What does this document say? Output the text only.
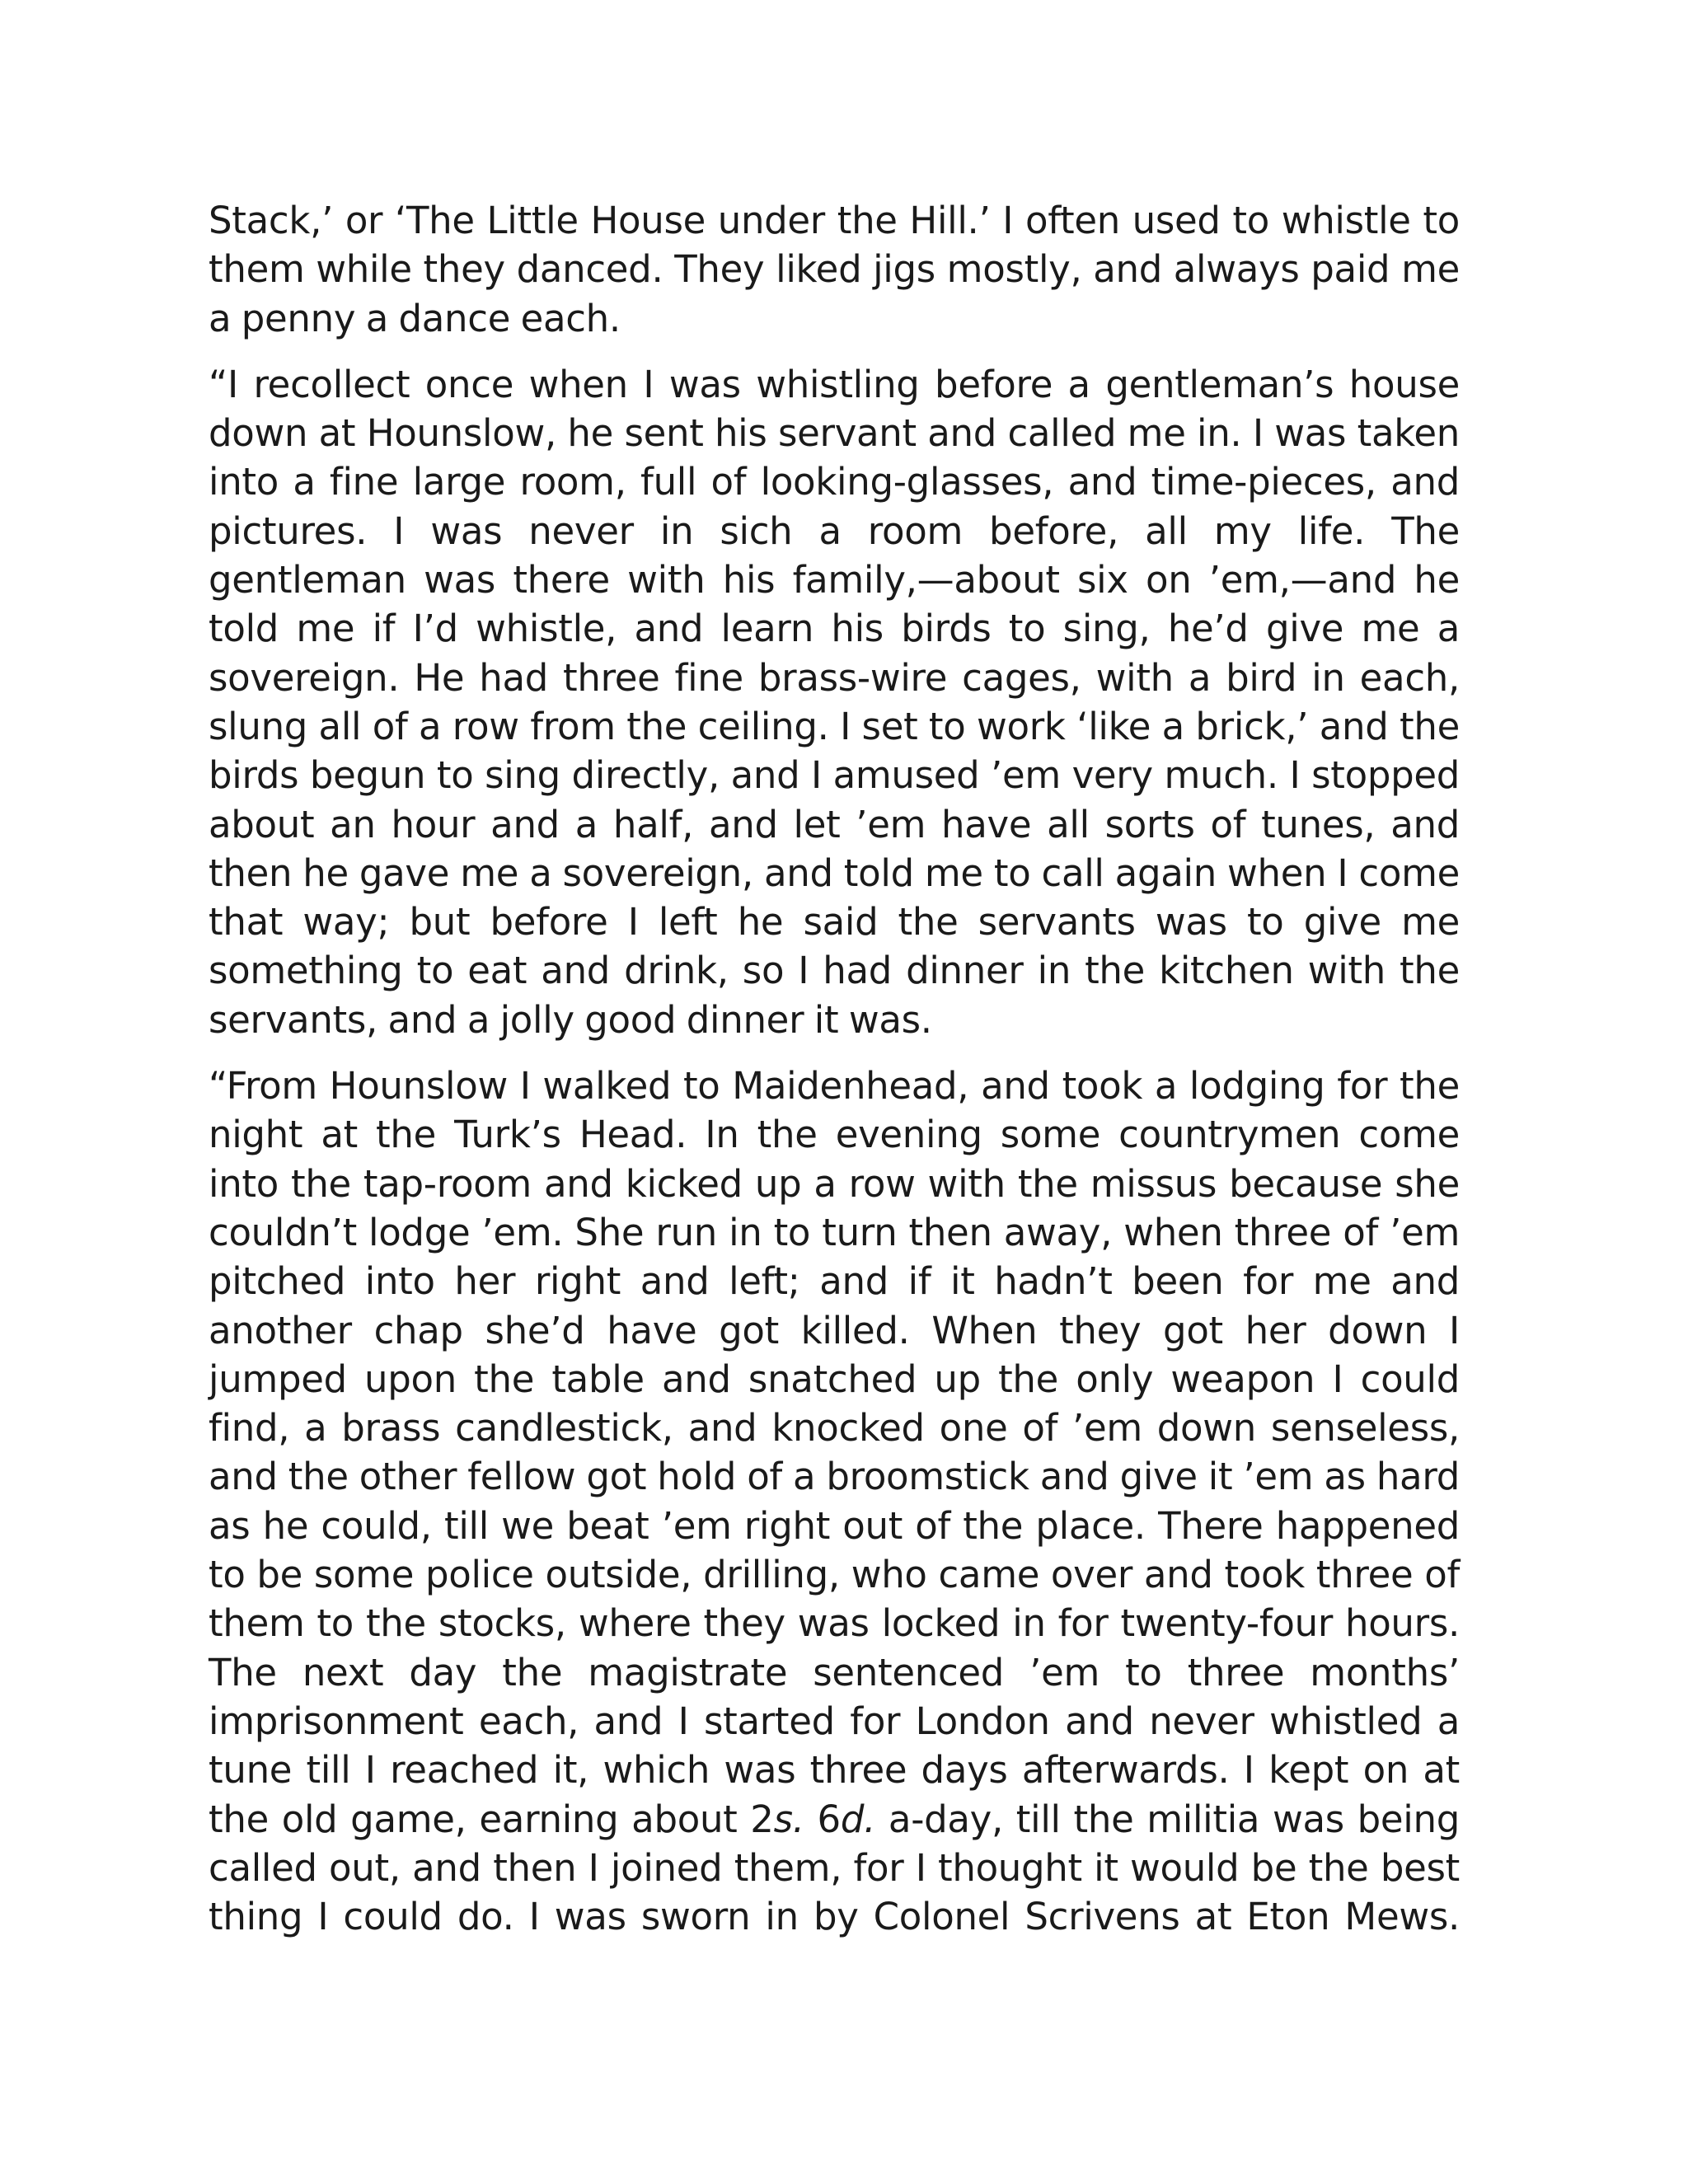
Stack,’ or ‘The Little House under the Hill.’ I often used to whistle to them while they danced. They liked jigs mostly, and always paid me a penny a dance each.

“I recollect once when I was whistling before a gentleman’s house down at Hounslow, he sent his servant and called me in. I was taken into a fine large room, full of looking-glasses, and time-pieces, and pictures. I was never in sich a room before, all my life. The gentleman was there with his family,—about six on ’em,—and he told me if I’d whistle, and learn his birds to sing, he’d give me a sovereign. He had three fine brass-wire cages, with a bird in each, slung all of a row from the ceiling. I set to work ‘like a brick,’ and the birds begun to sing directly, and I amused ’em very much. I stopped about an hour and a half, and let ’em have all sorts of tunes, and then he gave me a sovereign, and told me to call again when I come that way; but before I left he said the servants was to give me something to eat and drink, so I had dinner in the kitchen with the servants, and a jolly good dinner it was.

“From Hounslow I walked to Maidenhead, and took a lodging for the night at the Turk’s Head. In the evening some countrymen come into the tap-room and kicked up a row with the missus because she couldn’t lodge ’em. She run in to turn then away, when three of ’em pitched into her right and left; and if it hadn’t been for me and another chap she’d have got killed. When they got her down I jumped upon the table and snatched up the only weapon I could find, a brass candlestick, and knocked one of ’em down senseless, and the other fellow got hold of a broomstick and give it ’em as hard as he could, till we beat ’em right out of the place. There happened to be some police outside, drilling, who came over and took three of them to the stocks, where they was locked in for twenty-four hours. The next day the magistrate sentenced ’em to three months’ imprisonment each, and I started for London and never whistled a tune till I reached it, which was three days afterwards. I kept on at the old game, earning about 2s. 6d. a-day, till the militia was being called out, and then I joined them, for I thought it would be the best thing I could do. I was sworn in by Colonel Scrivens at Eton Mews.
